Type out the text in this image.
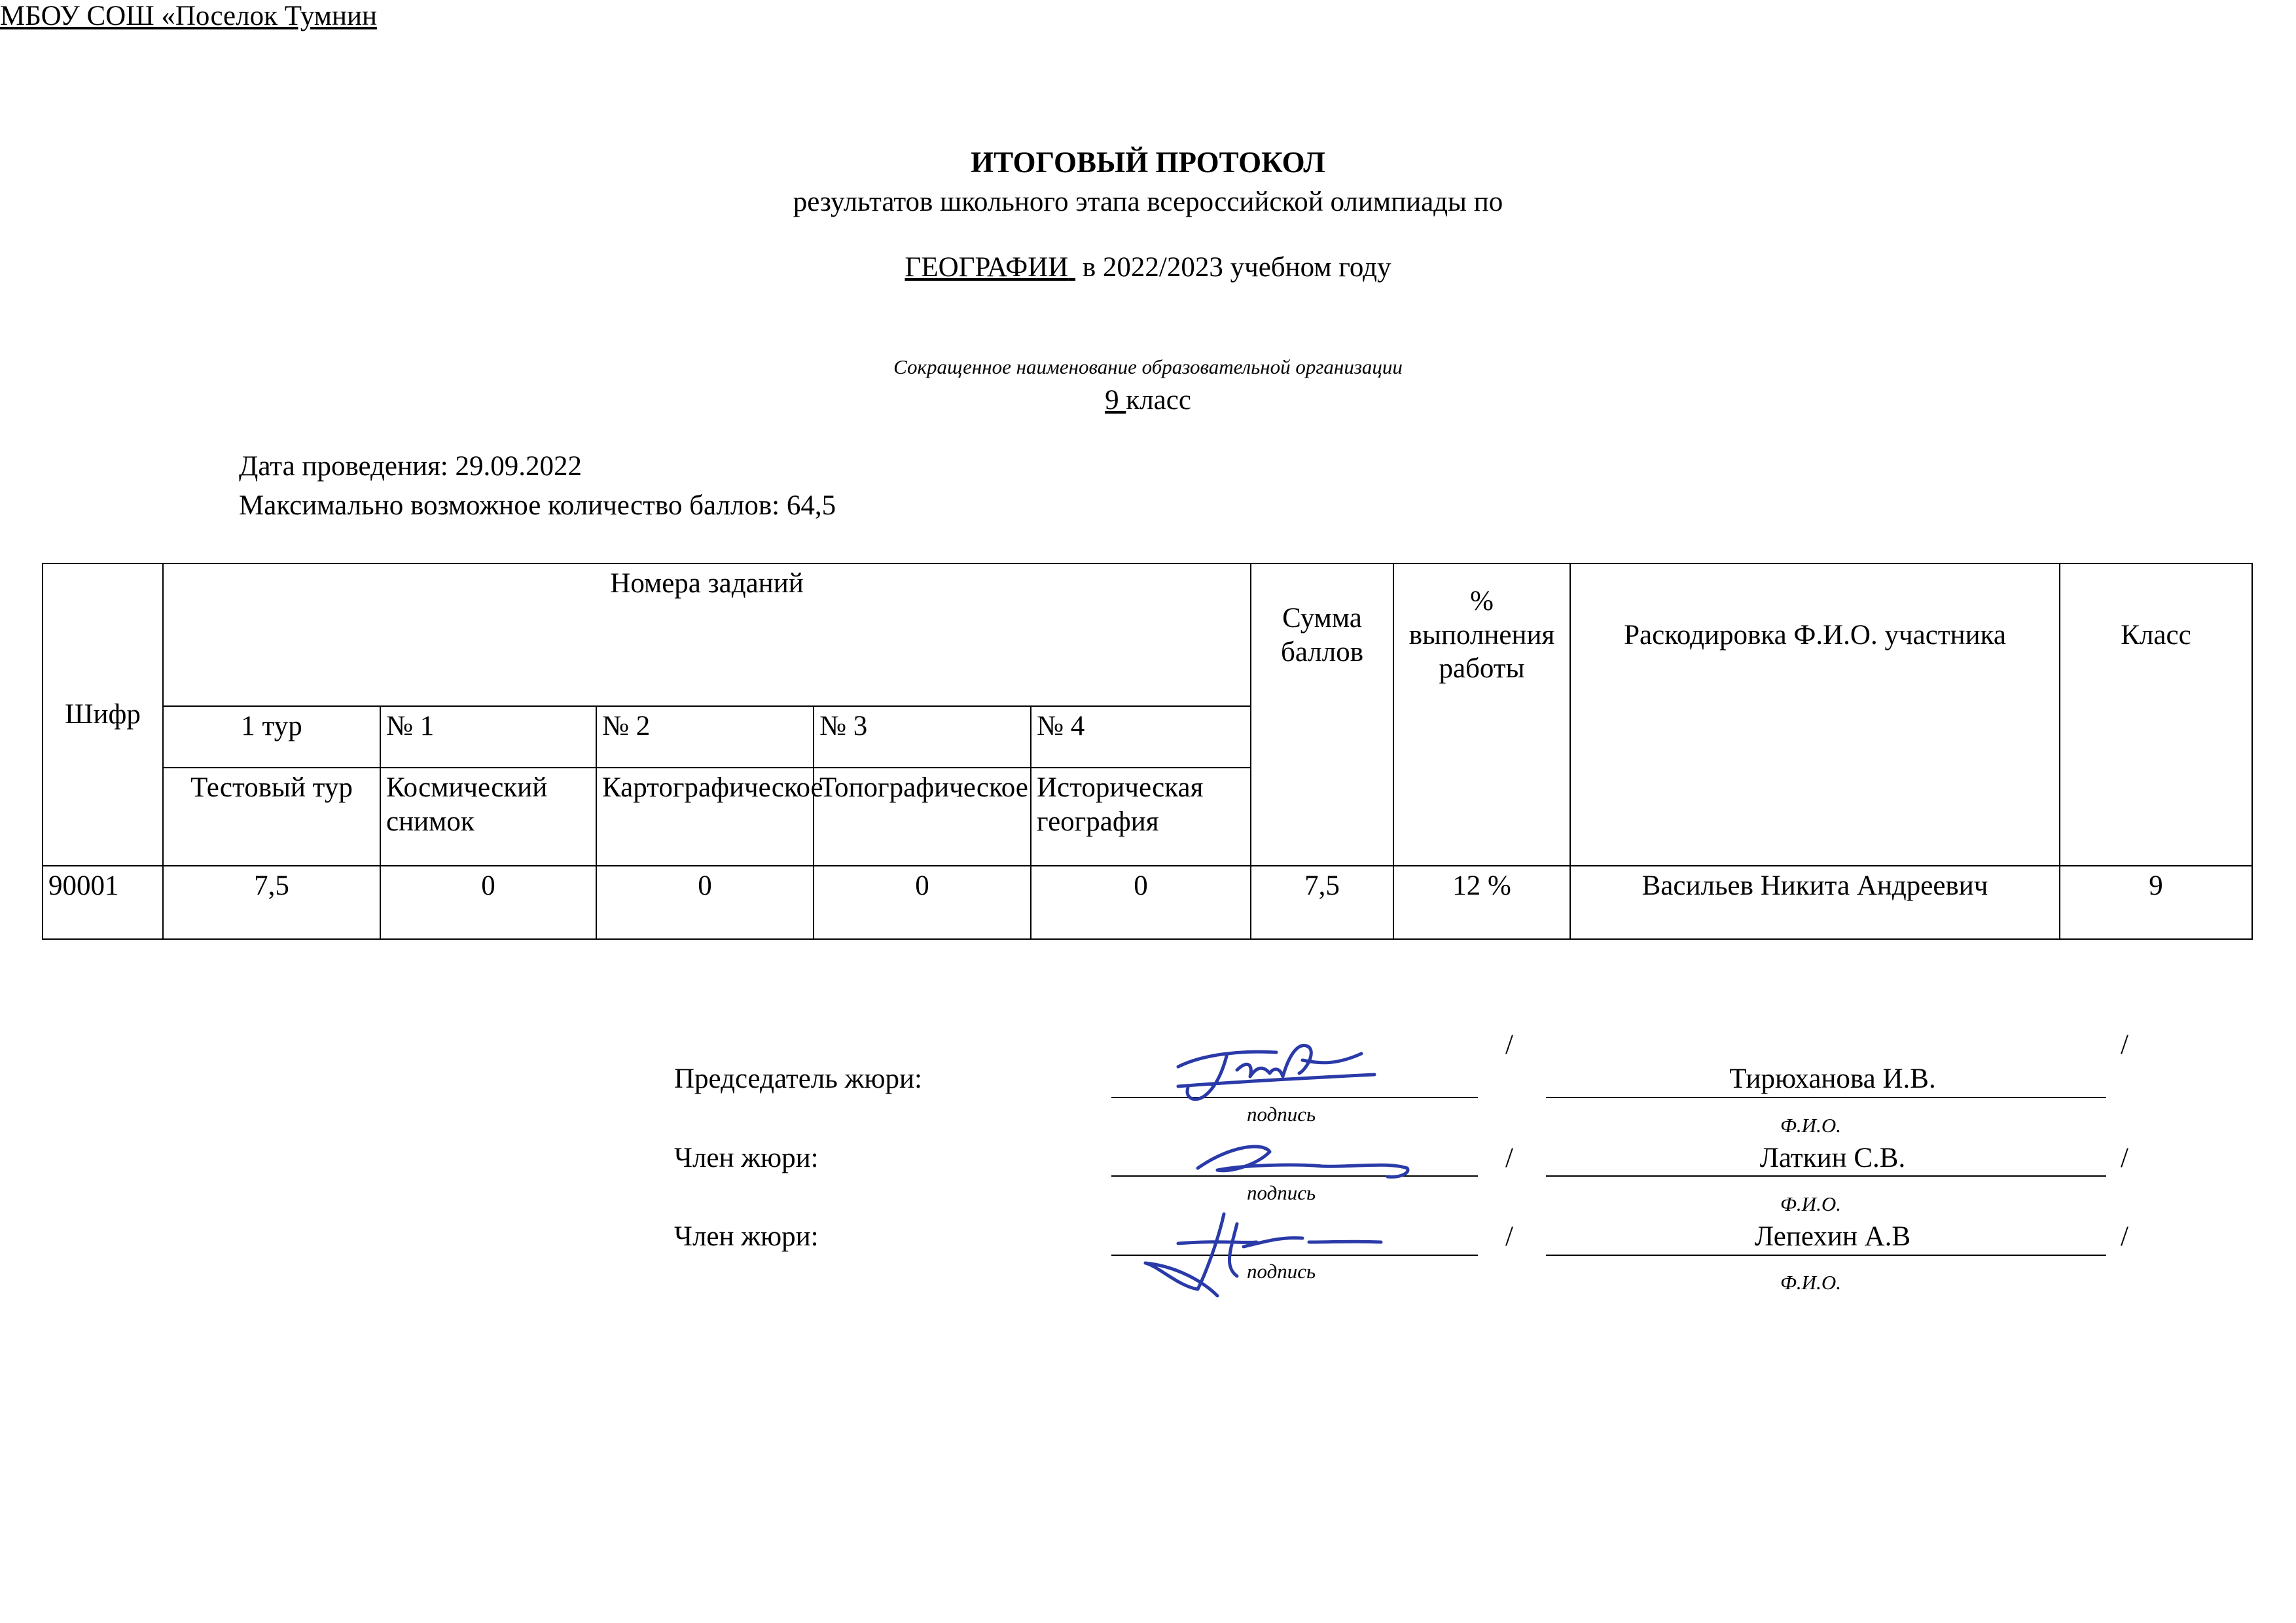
ИТОГОВЫЙ ПРОТОКОЛ
результатов школьного этапа всероссийской олимпиады по
ГЕОГРАФИИ в 2022/2023 учебном году
МБОУ СОШ «Поселок Тумнин
Сокращенное наименование образовательной организации
9 класс
Дата проведения: 29.09.2022
Максимально возможное количество баллов: 64,5
Шифр	Номера заданий					Сумма баллов	% выполнения работы	Раскодировка Ф.И.О. участника	Класс
	1 тур	№ 1	№ 2	№ 3	№ 4				
	Тестовый тур	Космический снимок	Картографическое	Топографическое	Историческая география				
90001	7,5	0	0	0	0	7,5	12 %	Васильев Никита Андреевич	9
Председатель жюри:
/
Тирюханова И.В.
/
подпись	Ф.И.О.
Член жюри:	/	Латкин С.В.	/
подпись	Ф.И.О.
Член жюри:	/	Лепехин А.В	/
подпись	Ф.И.О.
